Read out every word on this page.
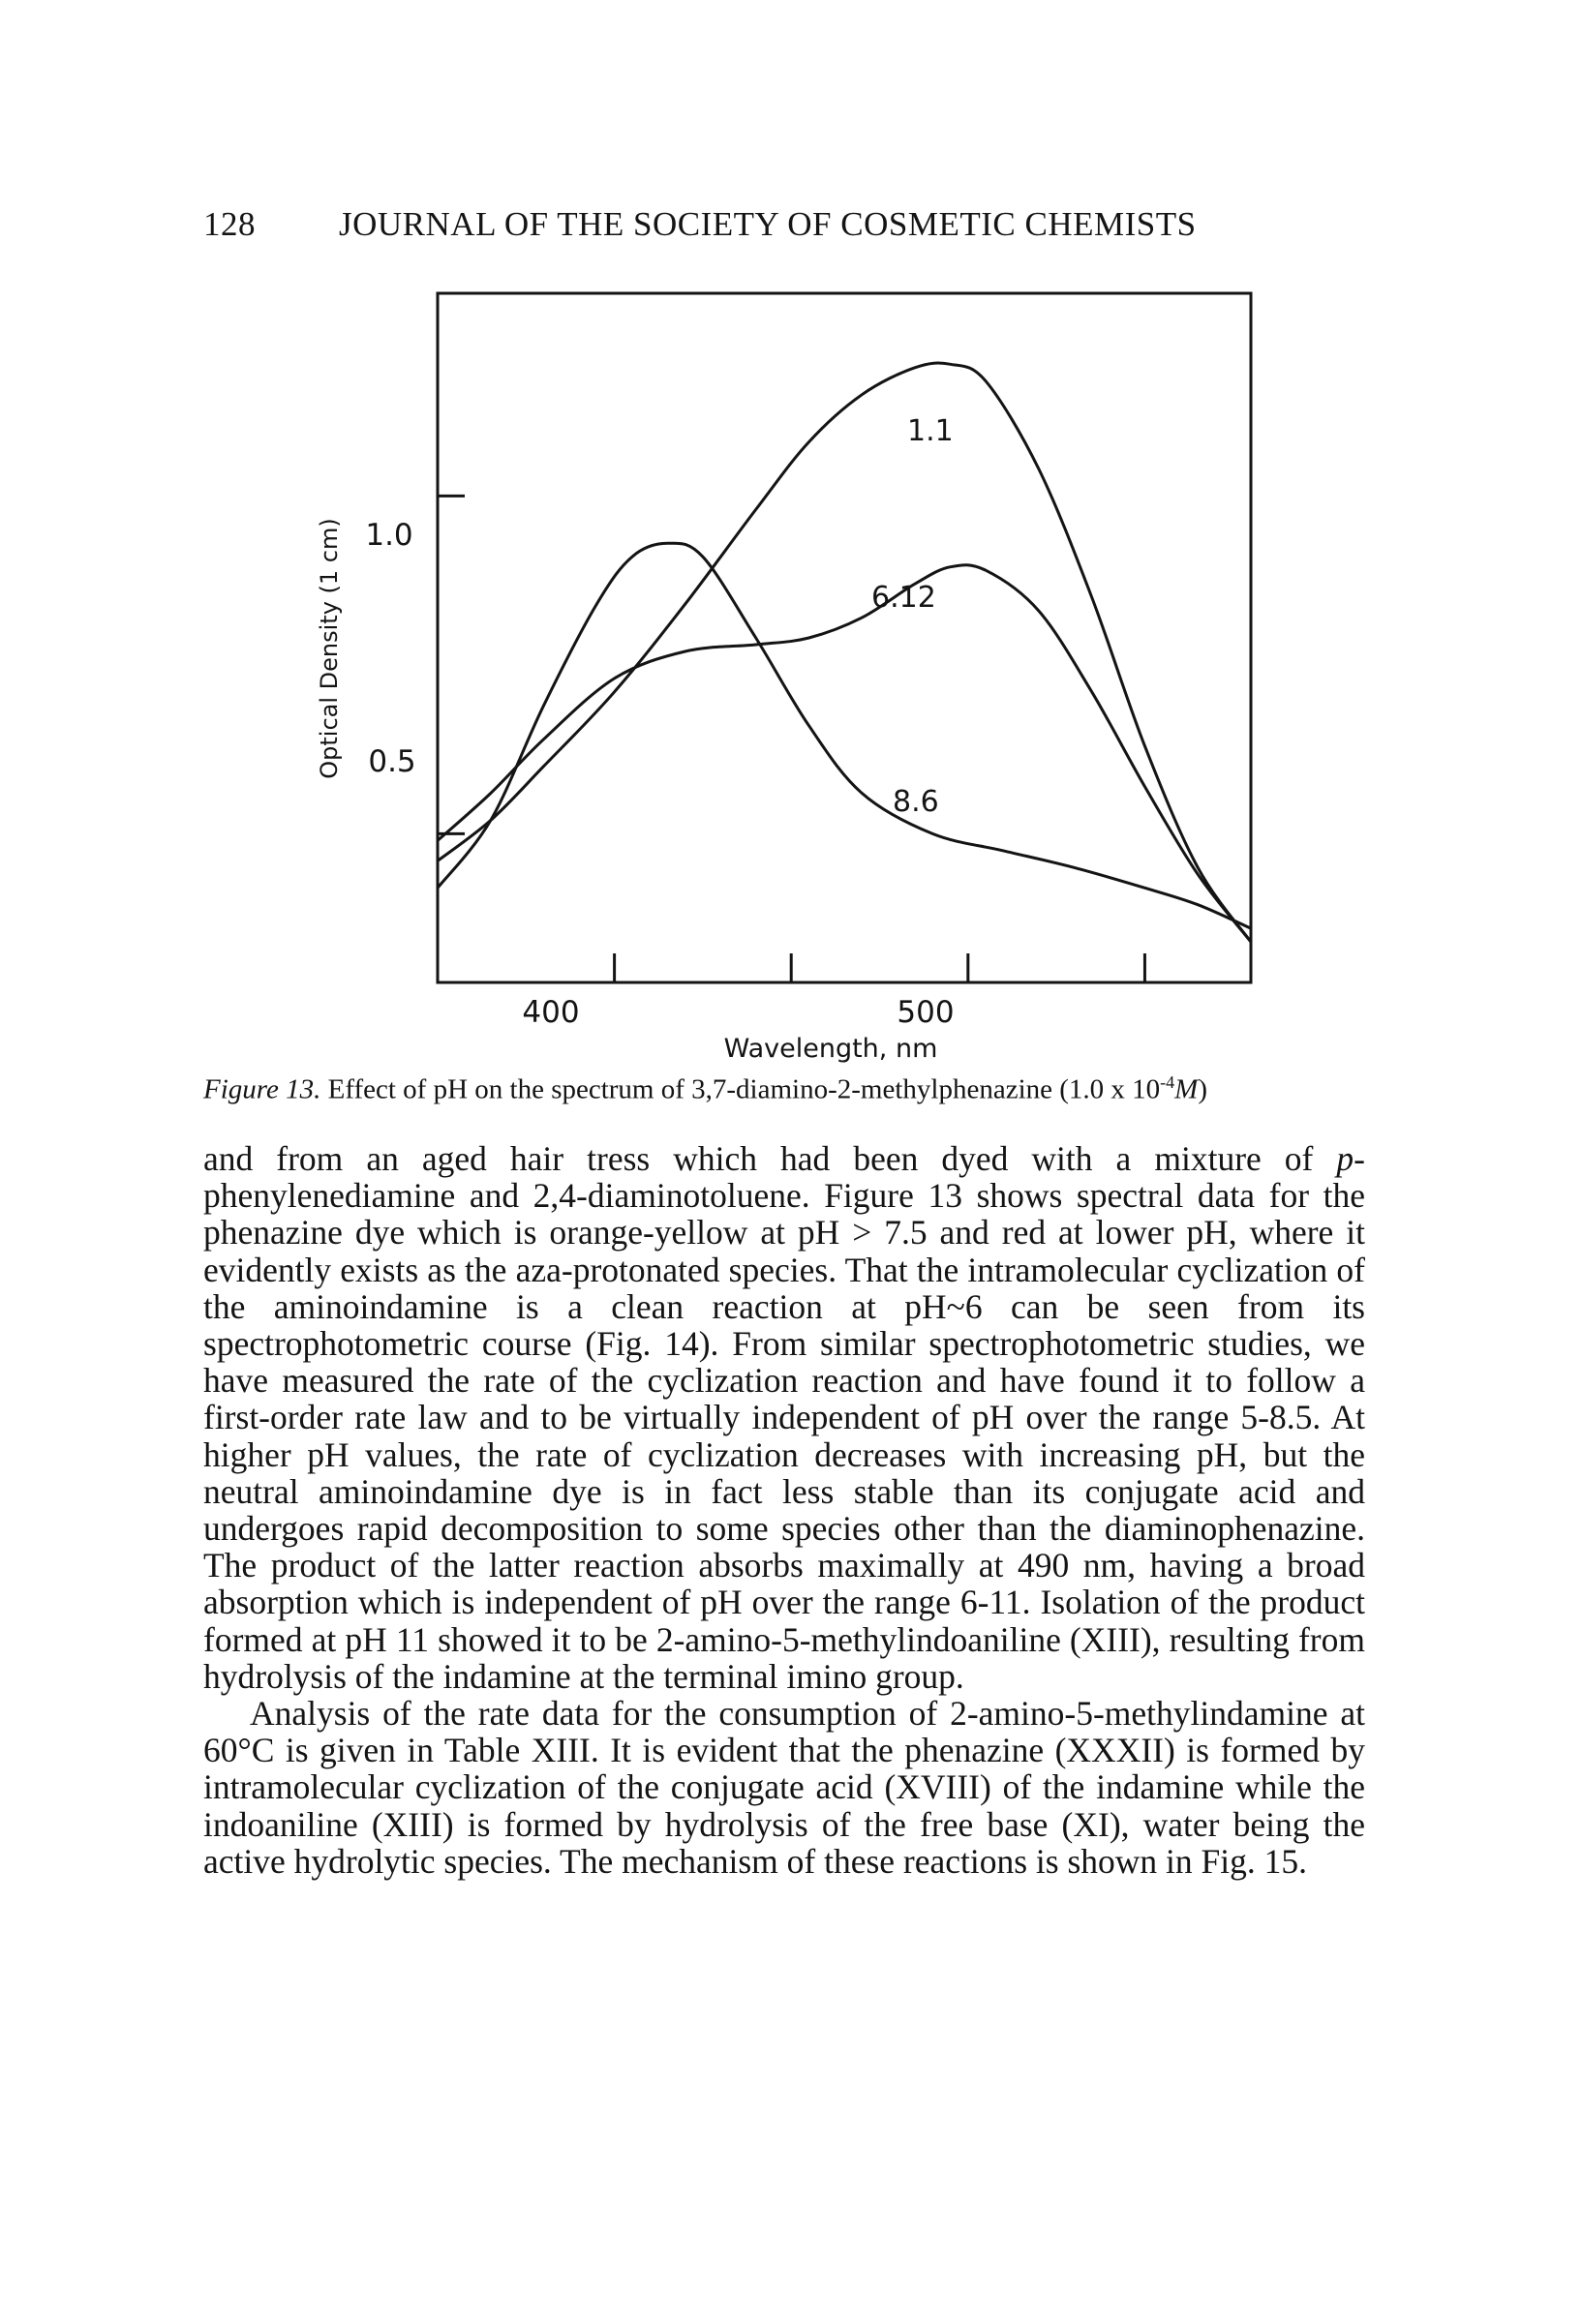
128 JOURNAL OF THE SOCIETY OF COSMETIC CHEMISTS
1.1
6.12
8.6
1.0
0.5
Optical Density (1 cm)
400	500
Wavelength, nm
Figure 13. Effect of pH on the spectrum of 3,7-diamino-2-methylphenazine (1.0 x $10^{-4}M$)

and from an aged hair tress which had been dyed with a mixture of p-phenylenediamine and 2,4-diaminotoluene. Figure 13 shows spectral data for the phenazine dye which is orange-yellow at pH > 7.5 and red at lower pH, where it evidently exists as the aza-protonated species. That the intramolecular cyclization of the aminoindamine is a clean reaction at pH~6 can be seen from its spectrophotometric course (Fig. 14). From similar spectrophotometric studies, we have measured the rate of the cyclization reaction and have found it to follow a first-order rate law and to be virtually independent of pH over the range 5-8.5. At higher pH values, the rate of cyclization decreases with increasing pH, but the neutral aminoindamine dye is in fact less stable than its conjugate acid and undergoes rapid decomposition to some species other than the diaminophenazine. The product of the latter reaction absorbs maximally at 490 nm, having a broad absorption which is independent of pH over the range 6-11. Isolation of the product formed at pH 11 showed it to be 2-amino-5-methylindoaniline (XIII), resulting from hydrolysis of the indamine at the terminal imino group.

Analysis of the rate data for the consumption of 2-amino-5-methylindamine at 60°C is given in Table XIII. It is evident that the phenazine (XXXII) is formed by intramolecular cyclization of the conjugate acid (XVIII) of the indamine while the indoaniline (XIII) is formed by hydrolysis of the free base (XI), water being the active hydrolytic species. The mechanism of these reactions is shown in Fig. 15.
